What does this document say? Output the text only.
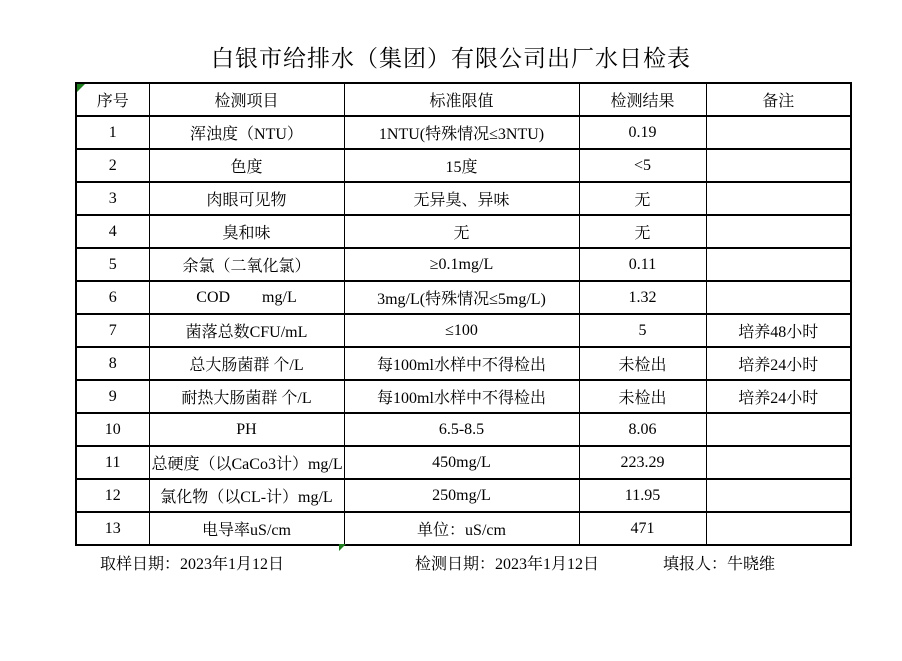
白银市给排水（集团）有限公司出厂水日检表
序号	检测项目	标准限值	检测结果	备注
1	浑浊度（NTU）	1NTU(特殊情况≤3NTU)	0.19	
2	色度	15度	<5	
3	肉眼可见物	无异臭、异味	无	
4	臭和味	无	无	
5	余氯（二氧化氯）	≥0.1mg/L	0.11	
6	COD        mg/L	3mg/L(特殊情况≤5mg/L)	1.32	
7	菌落总数CFU/mL	≤100	5	培养48小时
8	总大肠菌群 个/L	每100ml水样中不得检出	未检出	培养24小时
9	耐热大肠菌群 个/L	每100ml水样中不得检出	未检出	培养24小时
10	PH	6.5-8.5	8.06	
11	总硬度（以CaCo3计）mg/L	450mg/L	223.29	
12	氯化物（以CL-计）mg/L	250mg/L	11.95	
13	电导率uS/cm	单位：uS/cm	471	
取样日期：2023年1月12日	检测日期：2023年1月12日	填报人：牛晓维
